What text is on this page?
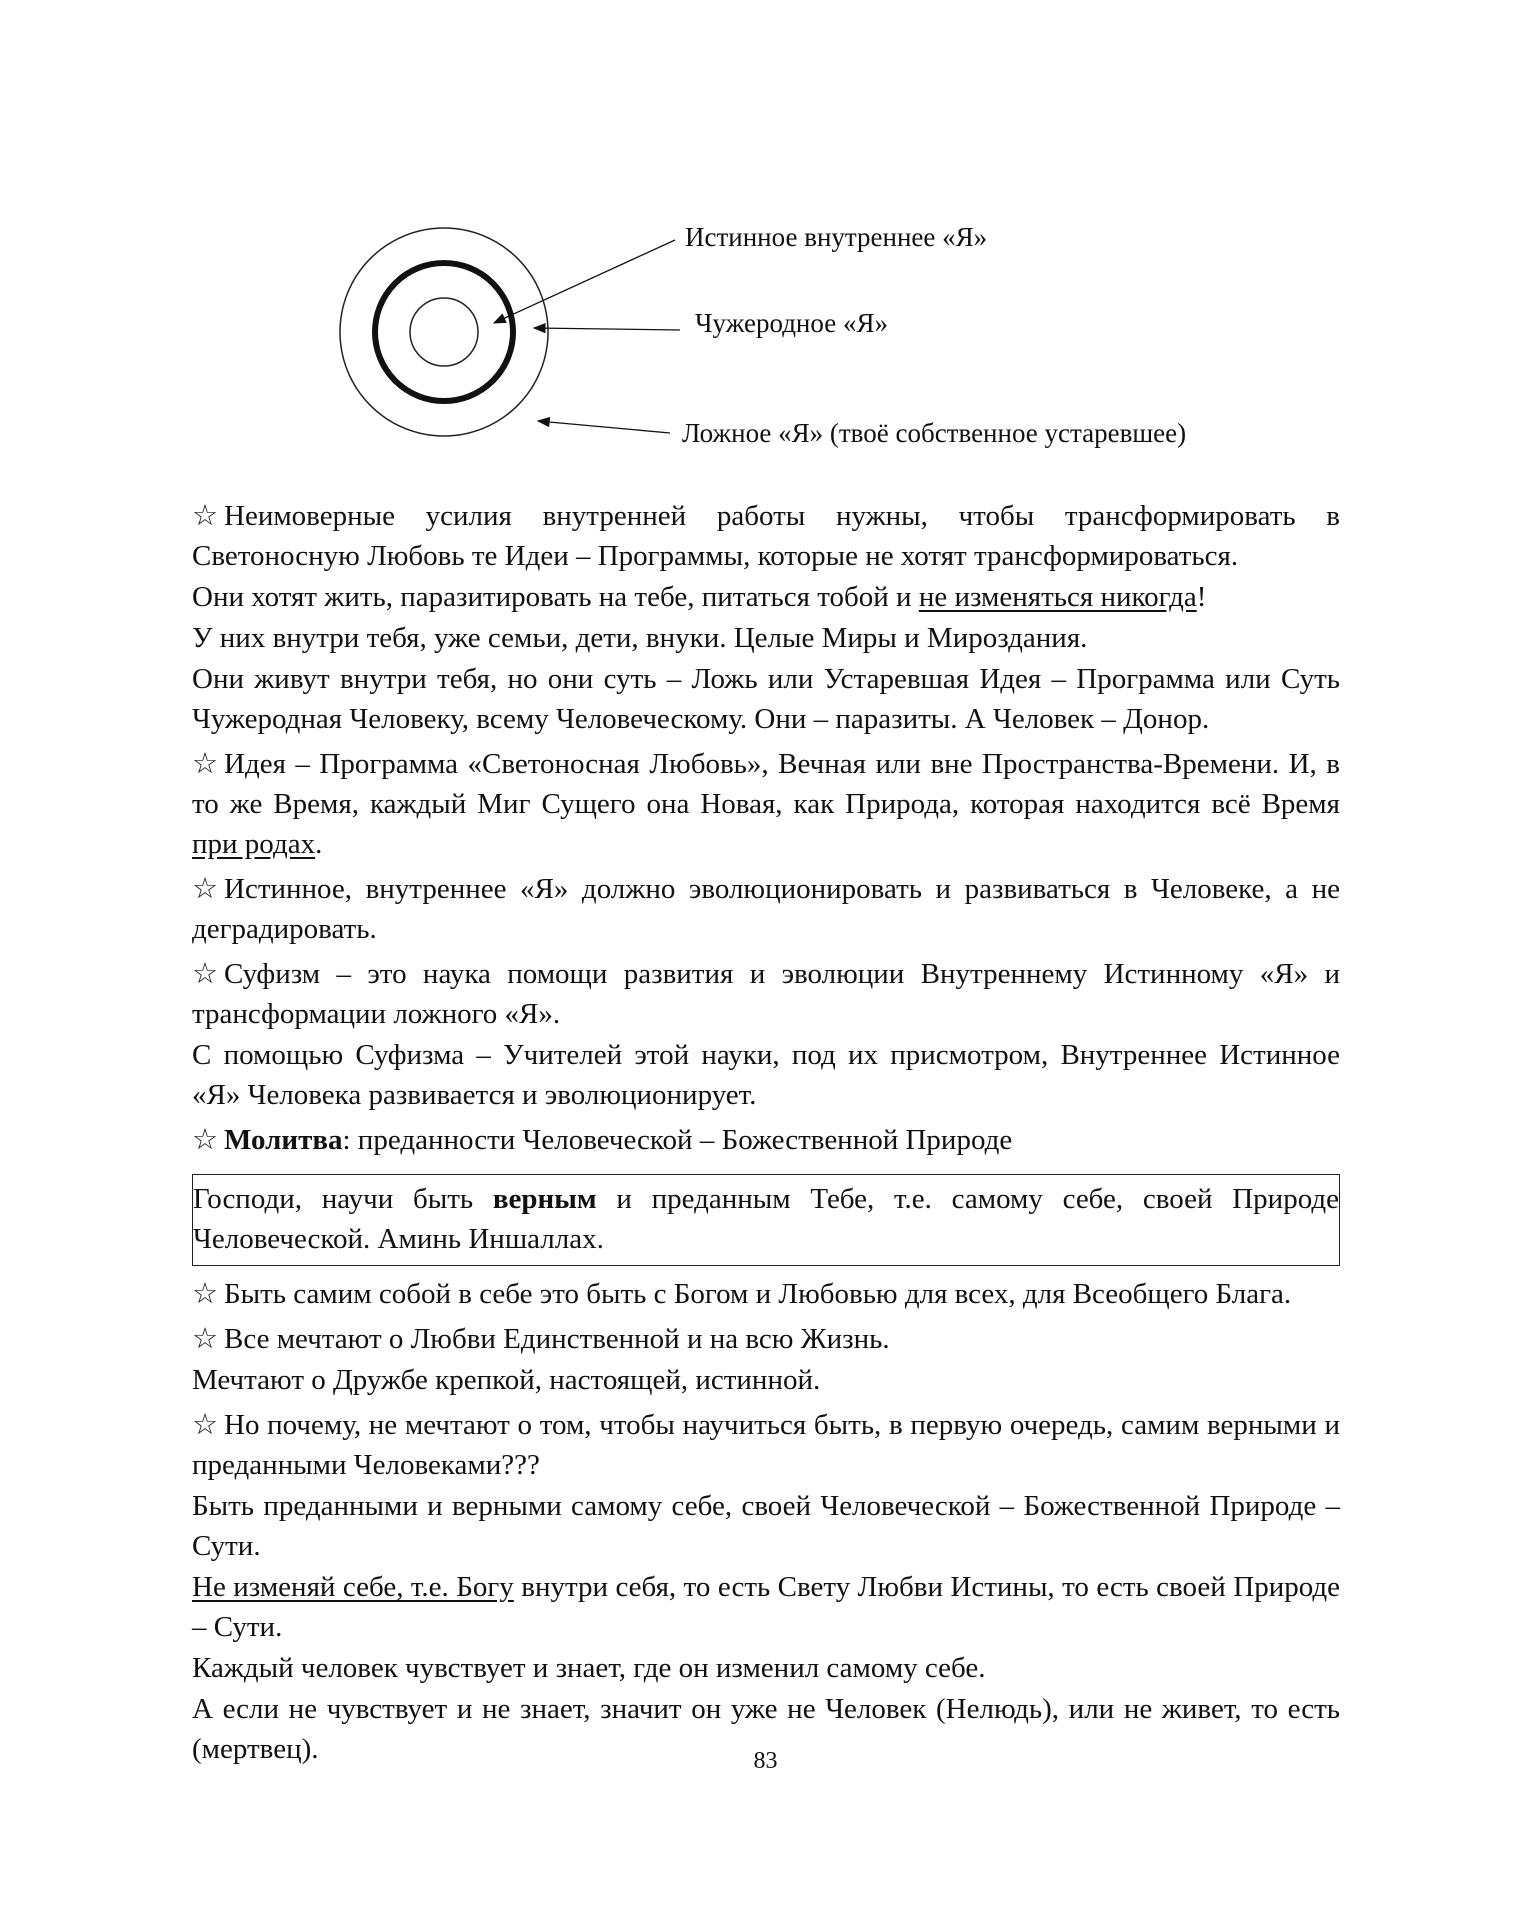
Истинное внутреннее «Я»
Чужеродное «Я»
Ложное «Я» (твоё собственное устаревшее)

☆ Неимоверные усилия внутренней работы нужны, чтобы трансформировать в Светоносную Любовь те Идеи – Программы, которые не хотят трансформироваться.

Они хотят жить, паразитировать на тебе, питаться тобой и не изменяться никогда!

У них внутри тебя, уже семьи, дети, внуки. Целые Миры и Мироздания.

Они живут внутри тебя, но они суть – Ложь или Устаревшая Идея – Программа или Суть Чужеродная Человеку, всему Человеческому. Они – паразиты. А Человек – Донор.

☆ Идея – Программа «Светоносная Любовь», Вечная или вне Пространства-Времени. И, в то же Время, каждый Миг Сущего она Новая, как Природа, которая находится всё Время при родах.

☆ Истинное, внутреннее «Я» должно эволюционировать и развиваться в Человеке, а не деградировать.

☆ Суфизм – это наука помощи развития и эволюции Внутреннему Истинному «Я» и трансформации ложного «Я».

С помощью Суфизма – Учителей этой науки, под их присмотром, Внутреннее Истинное «Я» Человека развивается и эволюционирует.

☆ Молитва: преданности Человеческой – Божественной Природе

Господи, научи быть верным и преданным Тебе, т.е. самому себе, своей Природе Человеческой. Аминь Иншаллах.

☆ Быть самим собой в себе это быть с Богом и Любовью для всех, для Всеобщего Блага.

☆ Все мечтают о Любви Единственной и на всю Жизнь.

Мечтают о Дружбе крепкой, настоящей, истинной.

☆ Но почему, не мечтают о том, чтобы научиться быть, в первую очередь, самим верными и преданными Человеками???

Быть преданными и верными самому себе, своей Человеческой – Божественной Природе – Сути.

Не изменяй себе, т.е. Богу внутри себя, то есть Свету Любви Истины, то есть своей Природе – Сути.

Каждый человек чувствует и знает, где он изменил самому себе.

А если не чувствует и не знает, значит он уже не Человек (Нелюдь), или не живет, то есть (мертвец).	83
